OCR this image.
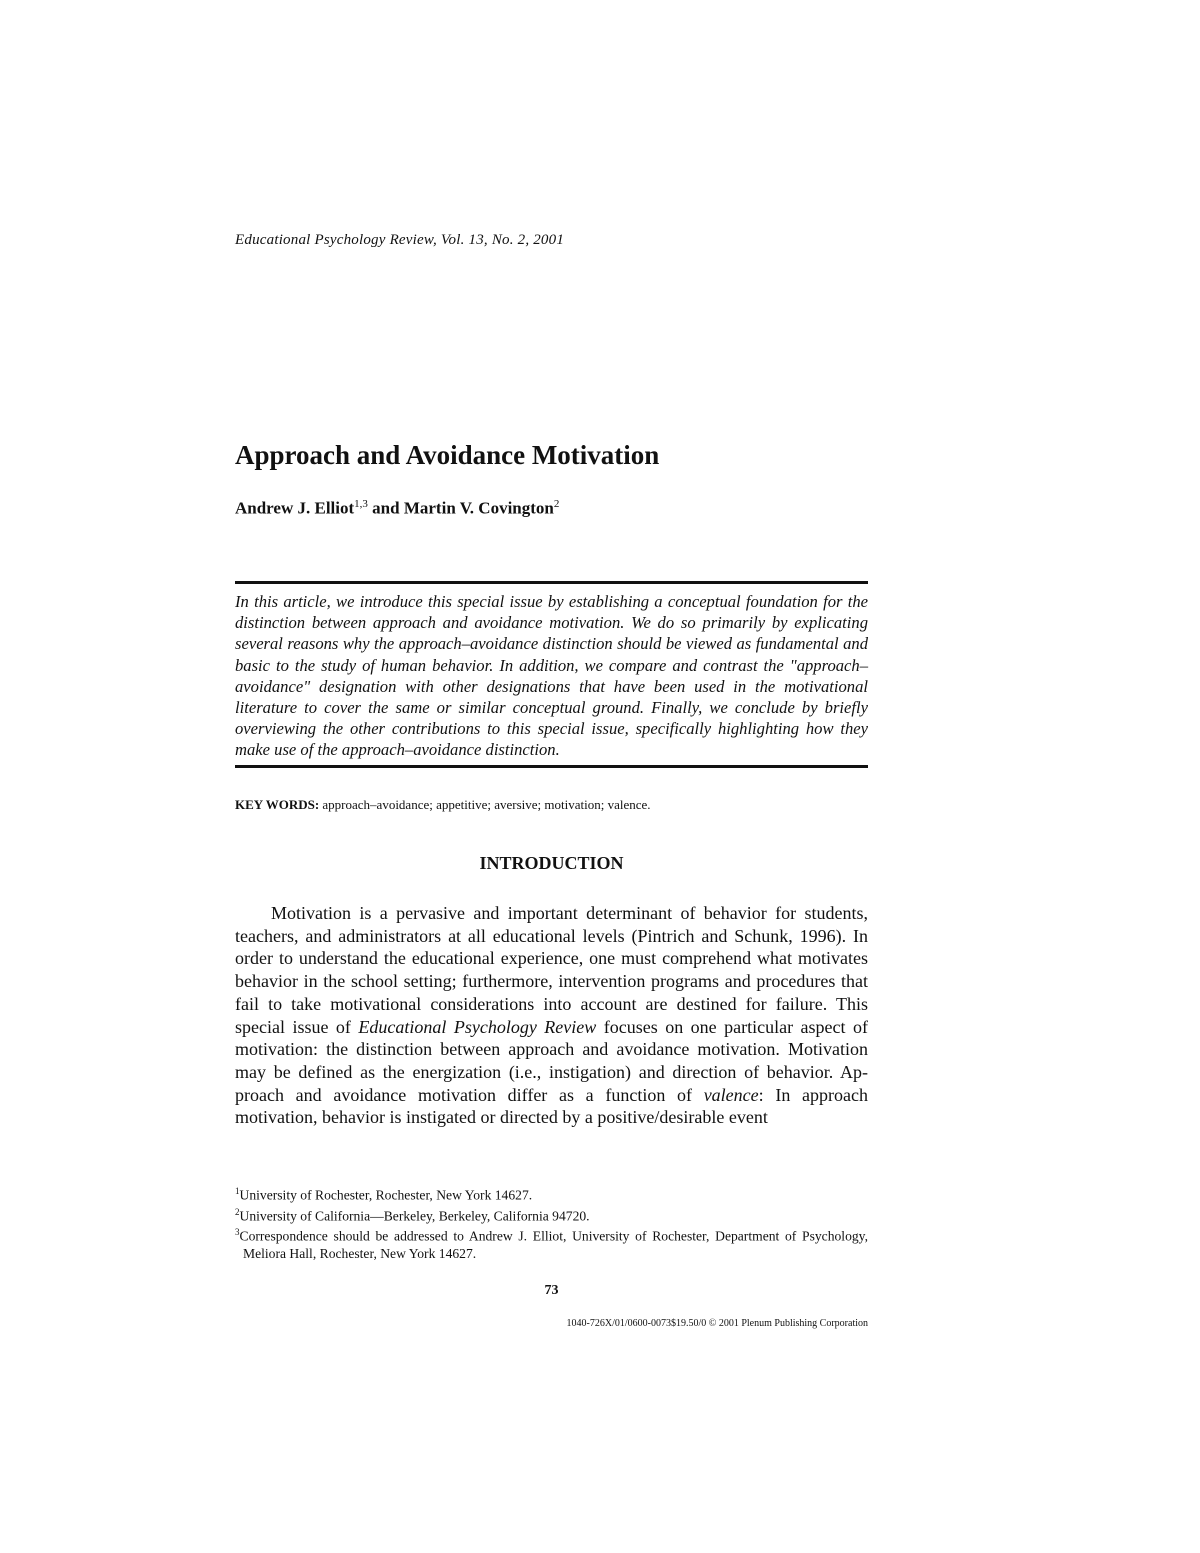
Educational Psychology Review, Vol. 13, No. 2, 2001
Approach and Avoidance Motivation
Andrew J. Elliot$^{1,3}$ and Martin V. Covington$^2$

In this article, we introduce this special issue by establishing a conceptual foundation for the distinction between approach and avoidance motivation. We do so primarily by explicating several reasons why the approach–avoidance distinction should be viewed as fundamental and basic to the study of human behavior. In addition, we compare and contrast the "approach–avoidance" designation with other designations that have been used in the motivational literature to cover the same or similar conceptual ground. Finally, we conclude by briefly overviewing the other contributions to this special issue, specifically highlighting how they make use of the approach–avoidance distinction.

KEY WORDS: approach–avoidance; appetitive; aversive; motivation; valence.
INTRODUCTION

Motivation is a pervasive and important determinant of behavior for students, teachers, and administrators at all educational levels (Pintrich and Schunk, 1996). In order to understand the educational experience, one must comprehend what motivates behavior in the school setting; furthermore, intervention programs and procedures that fail to take motivational considerations into account are destined for failure. This special issue of Educational Psychology Review focuses on one particular aspect of motivation: the distinction between approach and avoidance motivation. Motivation may be defined as the energization (i.e., instigation) and direction of behavior. Approach and avoidance motivation differ as a function of valence: In approach motivation, behavior is instigated or directed by a positive/desirable event

$^1$University of Rochester, Rochester, New York 14627.
$^2$University of California—Berkeley, Berkeley, California 94720.
$^3$Correspondence should be addressed to Andrew J. Elliot, University of Rochester, Department of Psychology, Meliora Hall, Rochester, New York 14627.
73
1040-726X/01/0600-0073$19.50/0 © 2001 Plenum Publishing Corporation
